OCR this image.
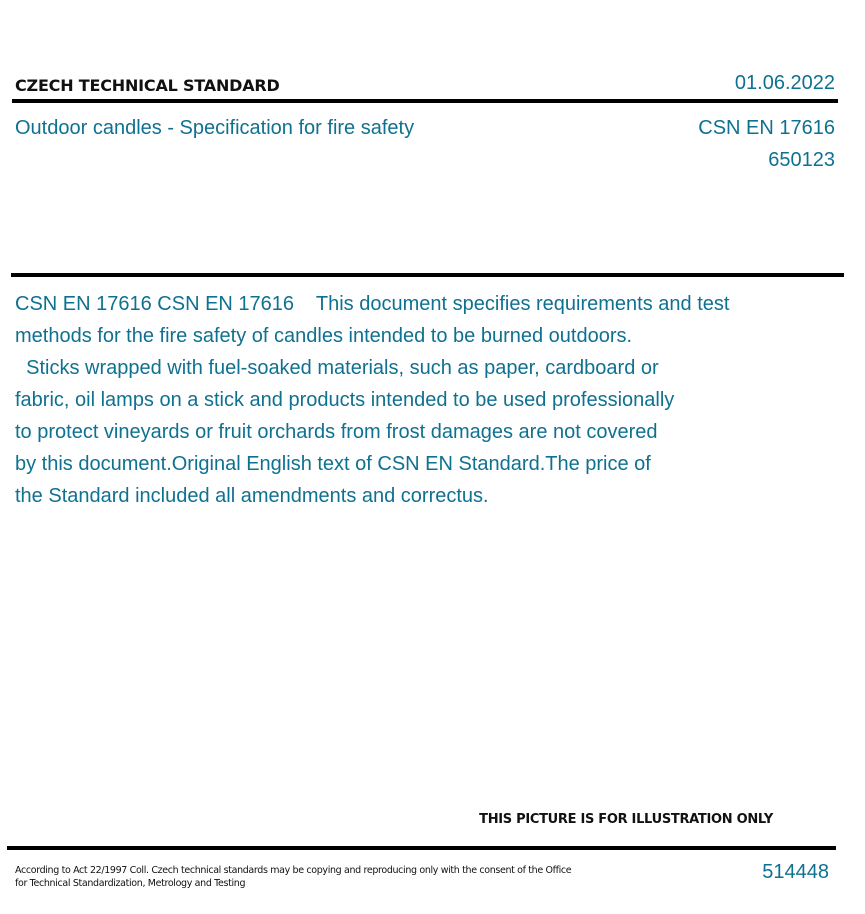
CZECH TECHNICAL STANDARD	01.06.2022
Outdoor candles - Specification for fire safety	CSN EN 17616
650123

CSN EN 17616 CSN EN 17616    This document specifies requirements and test

methods for the fire safety of candles intended to be burned outdoors.

Sticks wrapped with fuel-soaked materials, such as paper, cardboard or

fabric, oil lamps on a stick and products intended to be used professionally

to protect vineyards or fruit orchards from frost damages are not covered

by this document.Original English text of CSN EN Standard.The price of

the Standard included all amendments and correctus.

THIS PICTURE IS FOR ILLUSTRATION ONLY

According to Act 22/1997 Coll. Czech technical standards may be copying and reproducing only with the consent of the Office

for Technical Standardization, Metrology and Testing

514448
